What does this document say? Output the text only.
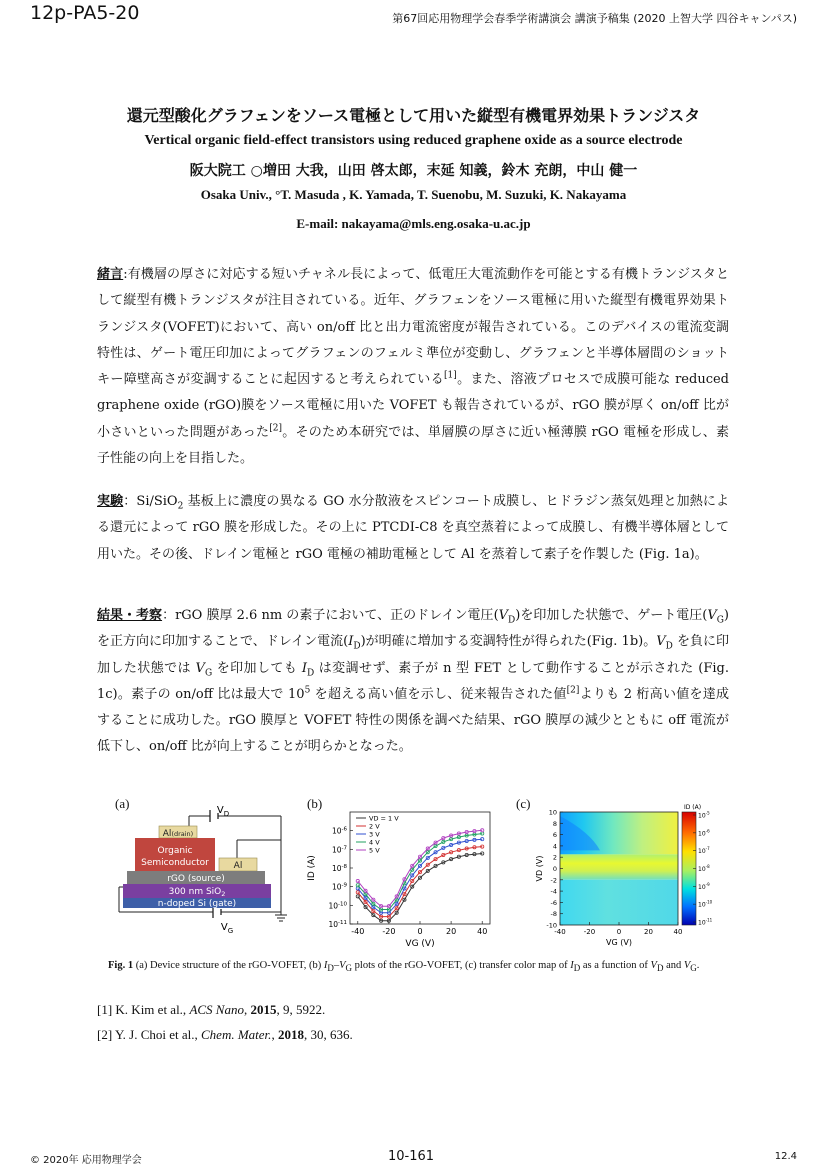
12p-PA5-20	第67回応用物理学会春季学術講演会 講演予稿集 (2020 上智大学 四谷キャンパス)
還元型酸化グラフェンをソース電極として用いた縦型有機電界効果トランジスタ
Vertical organic field-effect transistors using reduced graphene oxide as a source electrode
阪大院工 ○増田 大我，山田 啓太郎，末延 知義，鈴木 充朗，中山 健一
Osaka Univ., °T. Masuda , K. Yamada, T. Suenobu, M. Suzuki, K. Nakayama
E-mail: nakayama@mls.eng.osaka-u.ac.jp
緒言:有機層の厚さに対応する短いチャネル長によって、低電圧大電流動作を可能とする有機トランジスタとして縦型有機トランジスタが注目されている。近年、グラフェンをソース電極に用いた縦型有機電界効果トランジスタ(VOFET)において、高い on/off 比と出力電流密度が報告されている。このデバイスの電流変調特性は、ゲート電圧印加によってグラフェンのフェルミ準位が変動し、グラフェンと半導体層間のショットキー障壁高さが変調することに起因すると考えられている[1]。また、溶液プロセスで成膜可能な reduced graphene oxide (rGO)膜をソース電極に用いた VOFET も報告されているが、rGO 膜が厚く on/off 比が小さいといった問題があった[2]。そのため本研究では、単層膜の厚さに近い極薄膜 rGO 電極を形成し、素子性能の向上を目指した。
実験：Si/SiO$_2$ 基板上に濃度の異なる GO 水分散液をスピンコート成膜し、ヒドラジン蒸気処理と加熱による還元によって rGO 膜を形成した。その上に PTCDI-C8 を真空蒸着によって成膜し、有機半導体層として用いた。その後、ドレイン電極と rGO 電極の補助電極として Al を蒸着して素子を作製した (Fig. 1a)。
結果・考察：rGO 膜厚 2.6 nm の素子において、正のドレイン電圧$(V_D)$を印加した状態で、ゲート電圧$(V_G)$を正方向に印加することで、ドレイン電流$(I_D)$が明確に増加する変調特性が得られた(Fig. 1b)。$V_D$ を負に印加した状態では $V_G$ を印加しても $I_D$ は変調せず、素子が n 型 FET として動作することが示された (Fig. 1c)。素子の on/off 比は最大で $10^5$ を超える高い値を示し、従来報告された値[2]よりも 2 桁高い値を達成することに成功した。rGO 膜厚と VOFET 特性の関係を調べた結果、rGO 膜厚の減少とともに off 電流が低下し、on/off 比が向上することが明らかとなった。
(a)	(b)	(c)
$V_D$
$V_G$
Al(drain)
Organic
Semiconductor	Al
rGO (source)
300 nm SiO$_2$
n-doped Si (gate)
-40 -20	0	20	40
$10^{-11}$
$10^{-10}$
$10^{-9}$
$10^{-8}$
$10^{-7}$
$10^{-6}$
VG (V)
ID (A)
VD = 1 V
2 V
3 V
4 V
5 V
-40	-20	0	20	40
10
8
6
4
2
0
-2
-4
-6
-8
-10
VG (V)
VD (V)
ID (A)
$10^{-5}$
$10^{-6}$
$10^{-7}$
$10^{-8}$
$10^{-9}$
$10^{-10}$
$10^{-11}$
Fig. 1 (a) Device structure of the rGO-VOFET, (b) $I_D-V_G$ plots of the rGO-VOFET, (c) transfer color map of $I_D$ as a function of $V_D$ and $V_G$.
[1] K. Kim et al., ACS Nano, 2015, 9, 5922.
[2] Y. J. Choi et al., Chem. Mater., 2018, 30, 636.
© 2020年 応用物理学会	10-161	12.4
